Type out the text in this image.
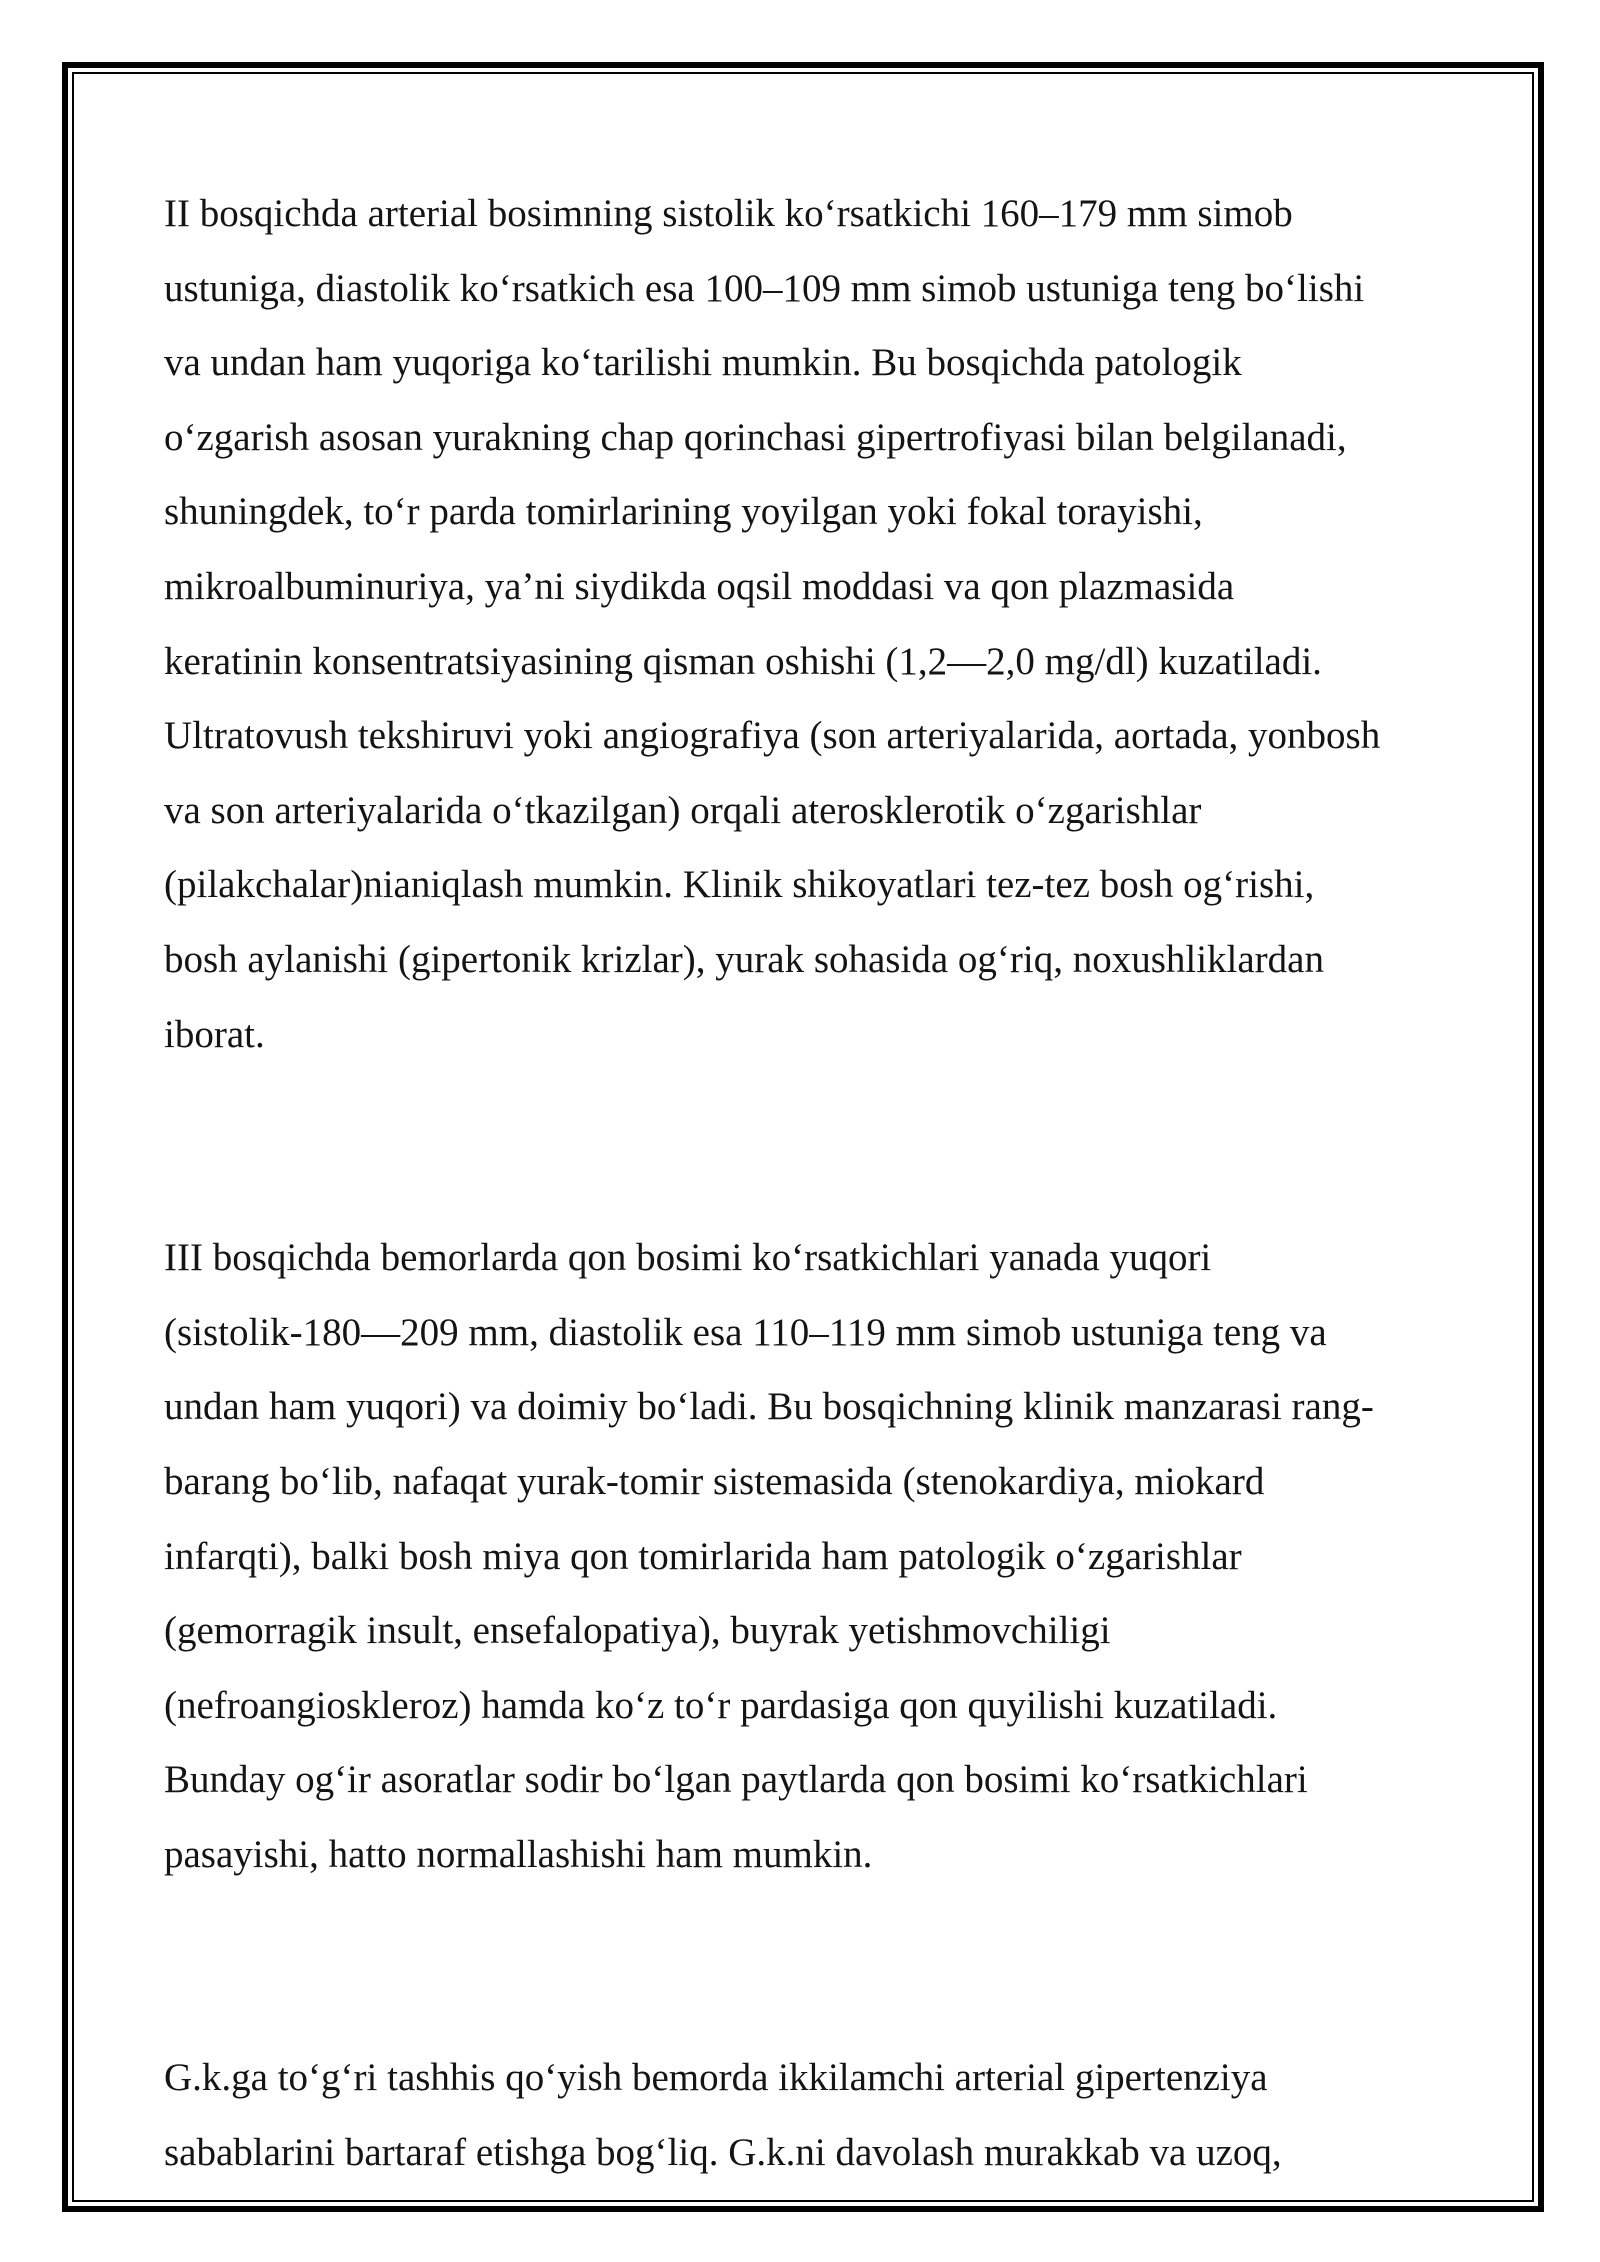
II bosqichda arterial bosimning sistolik koʻrsatkichi 160–179 mm simob
ustuniga, diastolik koʻrsatkich esa 100–109 mm simob ustuniga teng boʻlishi
va undan ham yuqoriga koʻtarilishi mumkin. Bu bosqichda patologik
oʻzgarish asosan yurakning chap qorinchasi gipertrofiyasi bilan belgilanadi,
shuningdek, toʻr parda tomirlarining yoyilgan yoki fokal torayishi,
mikroalbuminuriya, ya’ni siydikda oqsil moddasi va qon plazmasida
keratinin konsentratsiyasining qisman oshishi (1,2—2,0 mg/dl) kuzatiladi.
Ultratovush tekshiruvi yoki angiografiya (son arteriyalarida, aortada, yonbosh
va son arteriyalarida oʻtkazilgan) orqali aterosklerotik oʻzgarishlar
(pilakchalar)nianiqlash mumkin. Klinik shikoyatlari tez-tez bosh ogʻrishi,
bosh aylanishi (gipertonik krizlar), yurak sohasida ogʻriq, noxushliklardan
iborat.

III bosqichda bemorlarda qon bosimi koʻrsatkichlari yanada yuqori
(sistolik-180—209 mm, diastolik esa 110–119 mm simob ustuniga teng va
undan ham yuqori) va doimiy boʻladi. Bu bosqichning klinik manzarasi rang-
barang boʻlib, nafaqat yurak-tomir sistemasida (stenokardiya, miokard
infarqti), balki bosh miya qon tomirlarida ham patologik oʻzgarishlar
(gemorragik insult, ensefalopatiya), buyrak yetishmovchiligi
(nefroangioskleroz) hamda koʻz toʻr pardasiga qon quyilishi kuzatiladi.
Bunday ogʻir asoratlar sodir boʻlgan paytlarda qon bosimi koʻrsatkichlari
pasayishi, hatto normallashishi ham mumkin.

G.k.ga toʻgʻri tashhis qoʻyish bemorda ikkilamchi arterial gipertenziya
sabablarini bartaraf etishga bogʻliq. G.k.ni davolash murakkab va uzoq,
